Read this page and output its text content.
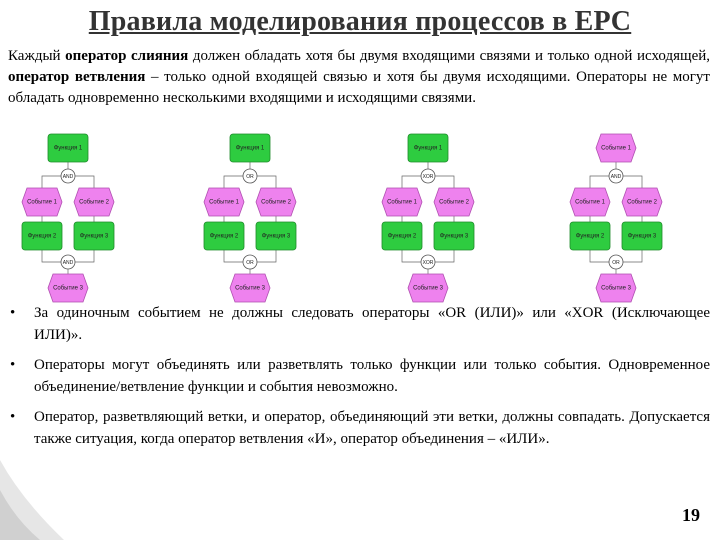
Правила моделирования процессов в EPC
Каждый оператор слияния должен обладать хотя бы двумя входящими связями и только одной исходящей, оператор ветвления – только одной входящей связью и хотя бы двумя исходящими. Операторы не могут обладать одновременно несколькими входящими и исходящими связями.
Функция 1
AND
Событие 1	Событие 2
Функция 2	Функция 3
AND
Событие 3
Функция 1
OR
Событие 1	Событие 2
Функция 2	Функция 3
OR
Событие 3
Функция 1
XOR
Событие 1	Событие 2
Функция 2	Функция 3
XOR
Событие 3
Событие 1
AND
Событие 1	Событие 2
Функция 2	Функция 3
OR
Событие 3
• За одиночным событием не должны следовать операторы «OR (ИЛИ)» или «XOR (Исключающее ИЛИ)».
• Операторы могут объединять или разветвлять только функции или только события. Одновременное объединение/ветвление функции и события невозможно.
• Оператор, разветвляющий ветки, и оператор, объединяющий эти ветки, должны совпадать. Допускается также ситуация, когда оператор ветвления «И», оператор объединения – «ИЛИ».
19
